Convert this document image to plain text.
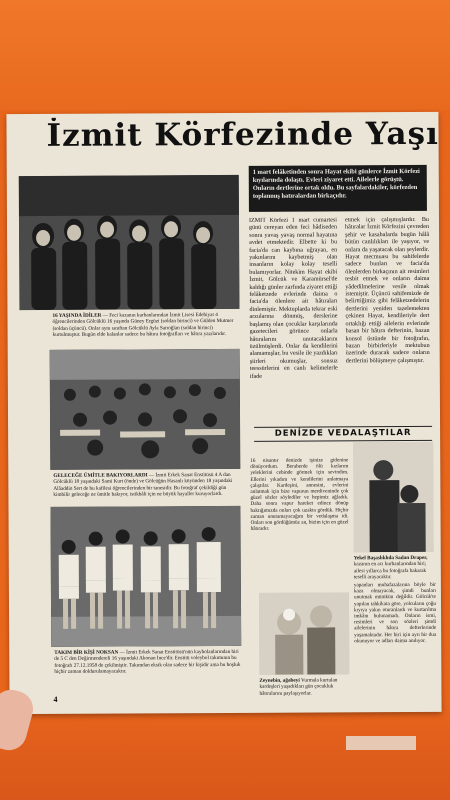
İzmit Körfezinde Yaşı
1 mart felâketinden sonra Hayat ekibi günlerce İzmit Körfezi kıyılarında dolaştı. Evleri ziyaret etti. Ailelerle görüştü. Onların dertlerine ortak oldu. Bu sayfalardakiler, körfezden toplanmış hatıralardan birkaçıdır.
16 YAŞINDA İDİLER — Feci kazanın kurbanlarından İzmit Lisesi Edebiyat 4 öğrencilerinden Gölcüklü 16 yaşında Güney Ergüzi (soldan birinci) ve Gülden Mutmer (soldan üçüncü). Onlar aynı sınıftan Gölcüklü Ayla Sarıoğlan (soldan birinci) kurtulmuştur. Bugün elde kalanlar sadece bu hâtıra fotoğrafları ve hâtıra yazılarıdır.
GELECEĞE ÜMİTLE BAKIYORLARDI — İzmit Erkek Sanat Enstitüsü 4 A dan Gölcüklü 18 yaşındaki Sami Kurt (önde) ve Gölcüğün Hasanlı köyünden 18 yaşındaki Alâaddin Sert de bu kafilesi öğrencilerinden bir tanesidir. Bu fotoğraf çekildiği gün kimbilir geleceğe ne ümitle bakıyor, istikbâli için ne büyük hayaller kuruyorlardı.
TAKIM BİR KİŞİ NOKSAN — İzmit Erkek Sanat Enstitüsü'nün kaybolanlarından biri de 5 C den Değirmendereli 16 yaşındaki Akonan İnce'dir. Enstitü voleybol takımının bu fotoğrafı 27.12.1958 de çekilmiştir. Takımdan eksik olan sadece bir kişidir ama bu boşluk hiçbir zaman doldurulamayacaktır.
İZMİT Körfezi 1 mart cumartesi günü cereyan eden feci hâdiseden sonra yavaş yavaş normal hayatına avdet etmektedir. Elbette ki bu facia'da can kaybına uğrayan, en yakınlarını kaybetmiş olan insanların kolay kolay teselli bulamıyorlar. Nitekim Hayat ekibi İzmit, Gölcük ve Karamürsel'de kaldığı günler zarfında ziyaret ettiği felâketzede evlerinde daima o facia'da ölenlere ait hâtıraları dinlemiştir. Mektuplarda tekrar eski arzularına dönmüş, derslerine başlamış olan çocuklar karşılarında gazetecileri görünce onlarla hâtıralarını unutacaklarını üzülmüşlerdi. Onlar da kendilerini alamamışlar, bu vesile ile yazdıkları şiirleri okumuşlar, sonsuz teessürlerini en canlı kelimelerle ifade
etmek için çalışmışlardır. Bu hâtıralar İzmit Körfezini çevreden şehir ve kasabalarda bugün hâlâ bütün canlılıkları ile yaşıyor, ve onlara da yaşatacak olan şeylerdir. Hayat mecmuası bu sahifelerde sadece bunları ve facia'da ölenlerden birkaçının ait resimleri tesbit etmek ve onların daima yâdedilmelerine vesile olmak istemiştir. Üçüncü sahifemizde de belirttiğimiz gibi felâketzedelerin dertlerini yeniden tazelemekten çekinen Hayat, kendileriyle dert ortaklığı ettiği ailelerin evlerinde basan bir hâtıra defterinin, bazan konsol üstünde bir fotoğrafın, bazan birbirleriyle mektubun üzerinde duracak sadece onların dertlerini bölüşmeye çalışmıştır.
DENİZDE VEDALAŞTILAR
16 nisantır denizde işinize gidenine dönüyordum. Beraberde ölü kızlarım yeleklerini cebinde görmek için sevindim. Ellerini yıkadım ve kendilerini anlatmaya çalıştılar. Kardeşini, annesini, evlerini anlatmak için bize vapurun merdiveninde çok güzel sözler söylediler ve hepimiz ağladık. Daha sonra vapur hareket edince dönüp baktığımızda onları çok uzakta gördük. Hiçbir zaman unutamayacağım bir vedalaşma idi. Onları son gördüğümüz an, bizim için en güzel hâtıradır.
Yekel Başaslıklıda Sadan Draper, kazanın en acı kurbanlarından biri; ailesi yıllarca bu fotoğrafa bakarak teselli arayacaktır.
yapanları muhafazalarına böyle bir kaza olmayacak, şimdi bunları unutmak mümkün değildir. Gölcük'te yapılan tahkikata göre, yolcuların çoğu kıyıya yakın oturanlardı ve kurtarılma imkânı bulunamadı. Onların ismi, resimleri ve son sözleri şimdi ailelerinin hâtıra defterlerinde yaşamaktadır. Her biri için ayrı bir dua okunuyor ve adları daima anılıyor.
Zeynebin, ağabeyi Vurmala kurtulan kardeşleri yaşadıkları gün çocukluk hâtıralarını paylaşıyorlar.
4
